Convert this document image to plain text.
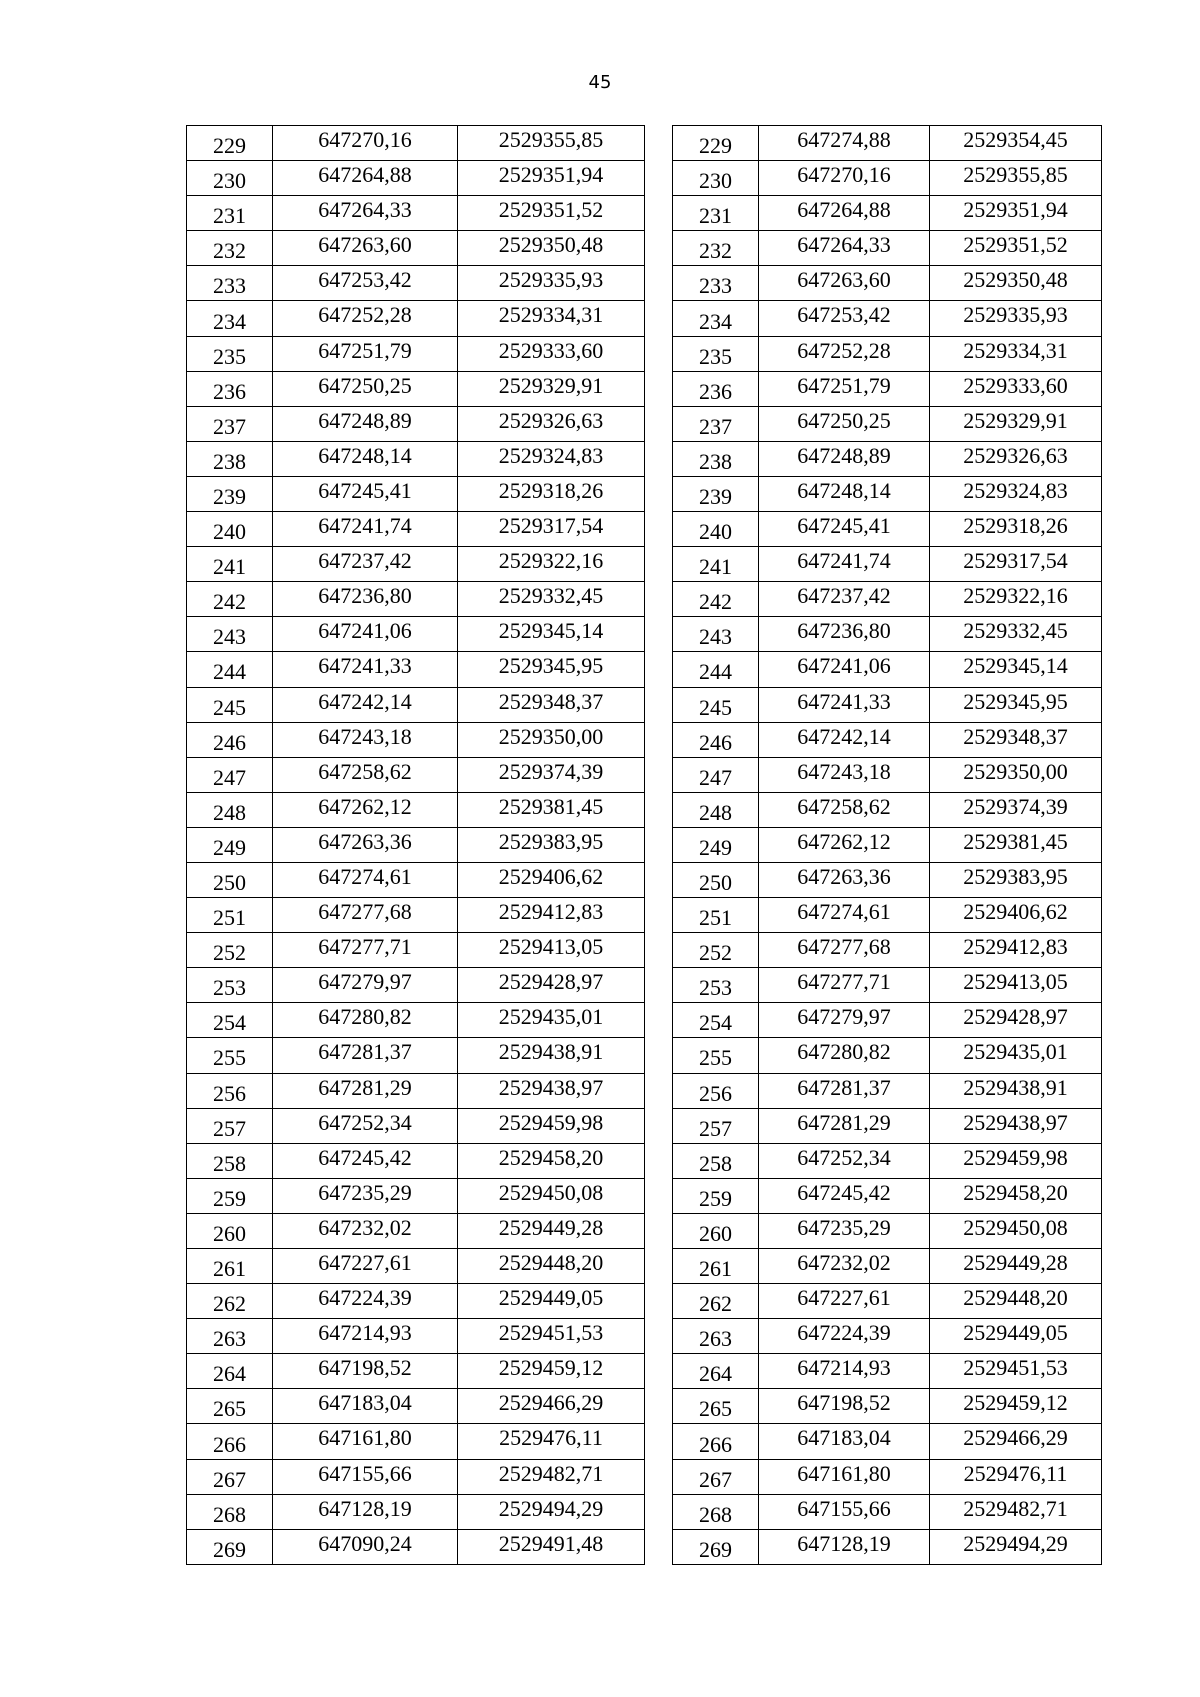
45
229	647270,16	2529355,85
230	647264,88	2529351,94
231	647264,33	2529351,52
232	647263,60	2529350,48
233	647253,42	2529335,93
234	647252,28	2529334,31
235	647251,79	2529333,60
236	647250,25	2529329,91
237	647248,89	2529326,63
238	647248,14	2529324,83
239	647245,41	2529318,26
240	647241,74	2529317,54
241	647237,42	2529322,16
242	647236,80	2529332,45
243	647241,06	2529345,14
244	647241,33	2529345,95
245	647242,14	2529348,37
246	647243,18	2529350,00
247	647258,62	2529374,39
248	647262,12	2529381,45
249	647263,36	2529383,95
250	647274,61	2529406,62
251	647277,68	2529412,83
252	647277,71	2529413,05
253	647279,97	2529428,97
254	647280,82	2529435,01
255	647281,37	2529438,91
256	647281,29	2529438,97
257	647252,34	2529459,98
258	647245,42	2529458,20
259	647235,29	2529450,08
260	647232,02	2529449,28
261	647227,61	2529448,20
262	647224,39	2529449,05
263	647214,93	2529451,53
264	647198,52	2529459,12
265	647183,04	2529466,29
266	647161,80	2529476,11
267	647155,66	2529482,71
268	647128,19	2529494,29
269	647090,24	2529491,48
229	647274,88	2529354,45
230	647270,16	2529355,85
231	647264,88	2529351,94
232	647264,33	2529351,52
233	647263,60	2529350,48
234	647253,42	2529335,93
235	647252,28	2529334,31
236	647251,79	2529333,60
237	647250,25	2529329,91
238	647248,89	2529326,63
239	647248,14	2529324,83
240	647245,41	2529318,26
241	647241,74	2529317,54
242	647237,42	2529322,16
243	647236,80	2529332,45
244	647241,06	2529345,14
245	647241,33	2529345,95
246	647242,14	2529348,37
247	647243,18	2529350,00
248	647258,62	2529374,39
249	647262,12	2529381,45
250	647263,36	2529383,95
251	647274,61	2529406,62
252	647277,68	2529412,83
253	647277,71	2529413,05
254	647279,97	2529428,97
255	647280,82	2529435,01
256	647281,37	2529438,91
257	647281,29	2529438,97
258	647252,34	2529459,98
259	647245,42	2529458,20
260	647235,29	2529450,08
261	647232,02	2529449,28
262	647227,61	2529448,20
263	647224,39	2529449,05
264	647214,93	2529451,53
265	647198,52	2529459,12
266	647183,04	2529466,29
267	647161,80	2529476,11
268	647155,66	2529482,71
269	647128,19	2529494,29
